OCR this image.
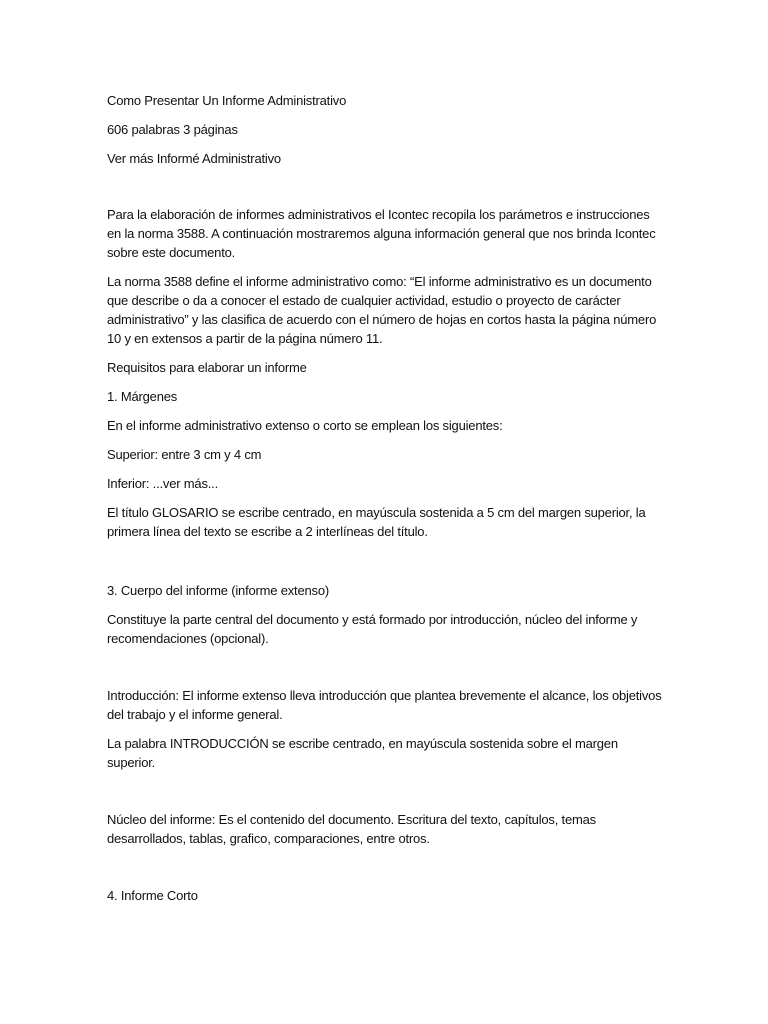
Como Presentar Un Informe Administrativo

606 palabras 3 páginas

Ver más Informé Administrativo

Para la elaboración de informes administrativos el Icontec recopila los parámetros e instrucciones en la norma 3588. A continuación mostraremos alguna información general que nos brinda Icontec sobre este documento.

La norma 3588 define el informe administrativo como: “El informe administrativo es un documento que describe o da a conocer el estado de cualquier actividad, estudio o proyecto de carácter administrativo” y las clasifica de acuerdo con el número de hojas en cortos hasta la página número 10 y en extensos a partir de la página número 11.

Requisitos para elaborar un informe

1. Márgenes

En el informe administrativo extenso o corto se emplean los siguientes:

Superior: entre 3 cm y 4 cm

Inferior: ...ver más...

El título GLOSARIO se escribe centrado, en mayúscula sostenida a 5 cm del margen superior, la primera línea del texto se escribe a 2 interlíneas del título.

3. Cuerpo del informe (informe extenso)

Constituye la parte central del documento y está formado por introducción, núcleo del informe y recomendaciones (opcional).

Introducción: El informe extenso lleva introducción que plantea brevemente el alcance, los objetivos del trabajo y el informe general.

La palabra INTRODUCCIÓN se escribe centrado, en mayúscula sostenida sobre el margen superior.

Núcleo del informe: Es el contenido del documento. Escritura del texto, capítulos, temas desarrollados, tablas, grafico, comparaciones, entre otros.

4. Informe Corto
